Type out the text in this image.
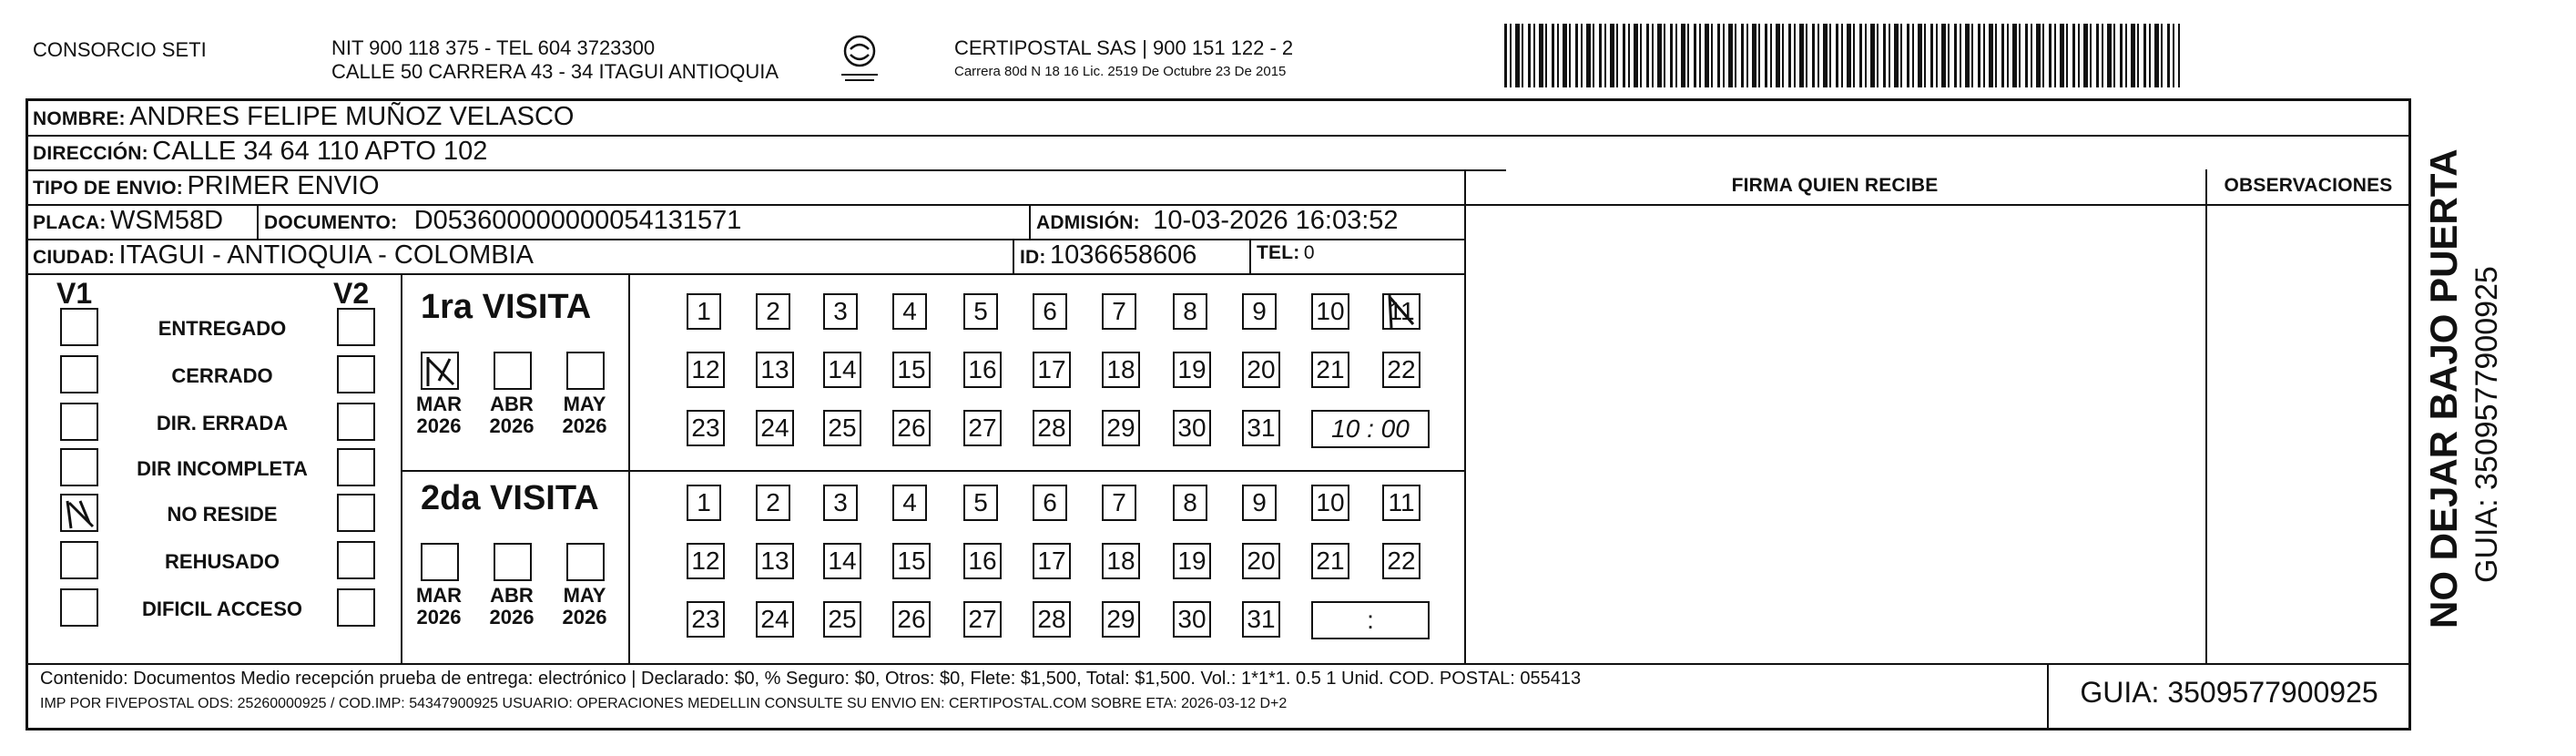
CONSORCIO SETI	NIT 900 118 375 - TEL 604 3723300
CALLE 50 CARRERA 43 - 34 ITAGUI ANTIOQUIA
CERTIPOSTAL SAS | 900 151 122 - 2
Carrera 80d N 18 16 Lic. 2519 De Octubre 23 De 2015
NOMBRE: ANDRES FELIPE MUÑOZ VELASCO
DIRECCIÓN: CALLE 34 64 110 APTO 102
TIPO DE ENVIO: PRIMER ENVIO
PLACA: WSM58D DOCUMENTO: D053600000000054131571	ADMISIÓN: 10-03-2026 16:03:52
CIUDAD: ITAGUI - ANTIOQUIA - COLOMBIA	ID: 1036658606	TEL: 0
FIRMA QUIEN RECIBE	OBSERVACIONES
V1	V2
ENTREGADO
CERRADO
DIR. ERRADA
DIR INCOMPLETA
NO RESIDE
REHUSADO
DIFICIL ACCESO
1ra VISITA
2da VISITA
MAR
2026
ABR
2026
MAY
2026
MAR
2026
ABR
2026
MAY
2026
1	2	3	4	5	6	7	8	9	10 11
12 13 14 15 16 17 18 19 20 21 22
23 24 25 26 27 28 29 30 31	10 : 00
1	2	3	4	5	6	7	8	9	10 11
12 13 14 15 16 17 18 19 20 21 22
23 24 25 26 27 28 29 30 31	:
Contenido: Documentos Medio recepción prueba de entrega: electrónico | Declarado: $0, % Seguro: $0, Otros: $0, Flete: $1,500, Total: $1,500. Vol.: 1*1*1. 0.5 1 Unid. COD. POSTAL: 055413
IMP POR FIVEPOSTAL ODS: 25260000925 / COD.IMP: 54347900925 USUARIO: OPERACIONES MEDELLIN CONSULTE SU ENVIO EN: CERTIPOSTAL.COM SOBRE ETA: 2026-03-12 D+2	GUIA: 3509577900925
NO DEJAR BAJO PUERTA GUIA: 3509577900925
